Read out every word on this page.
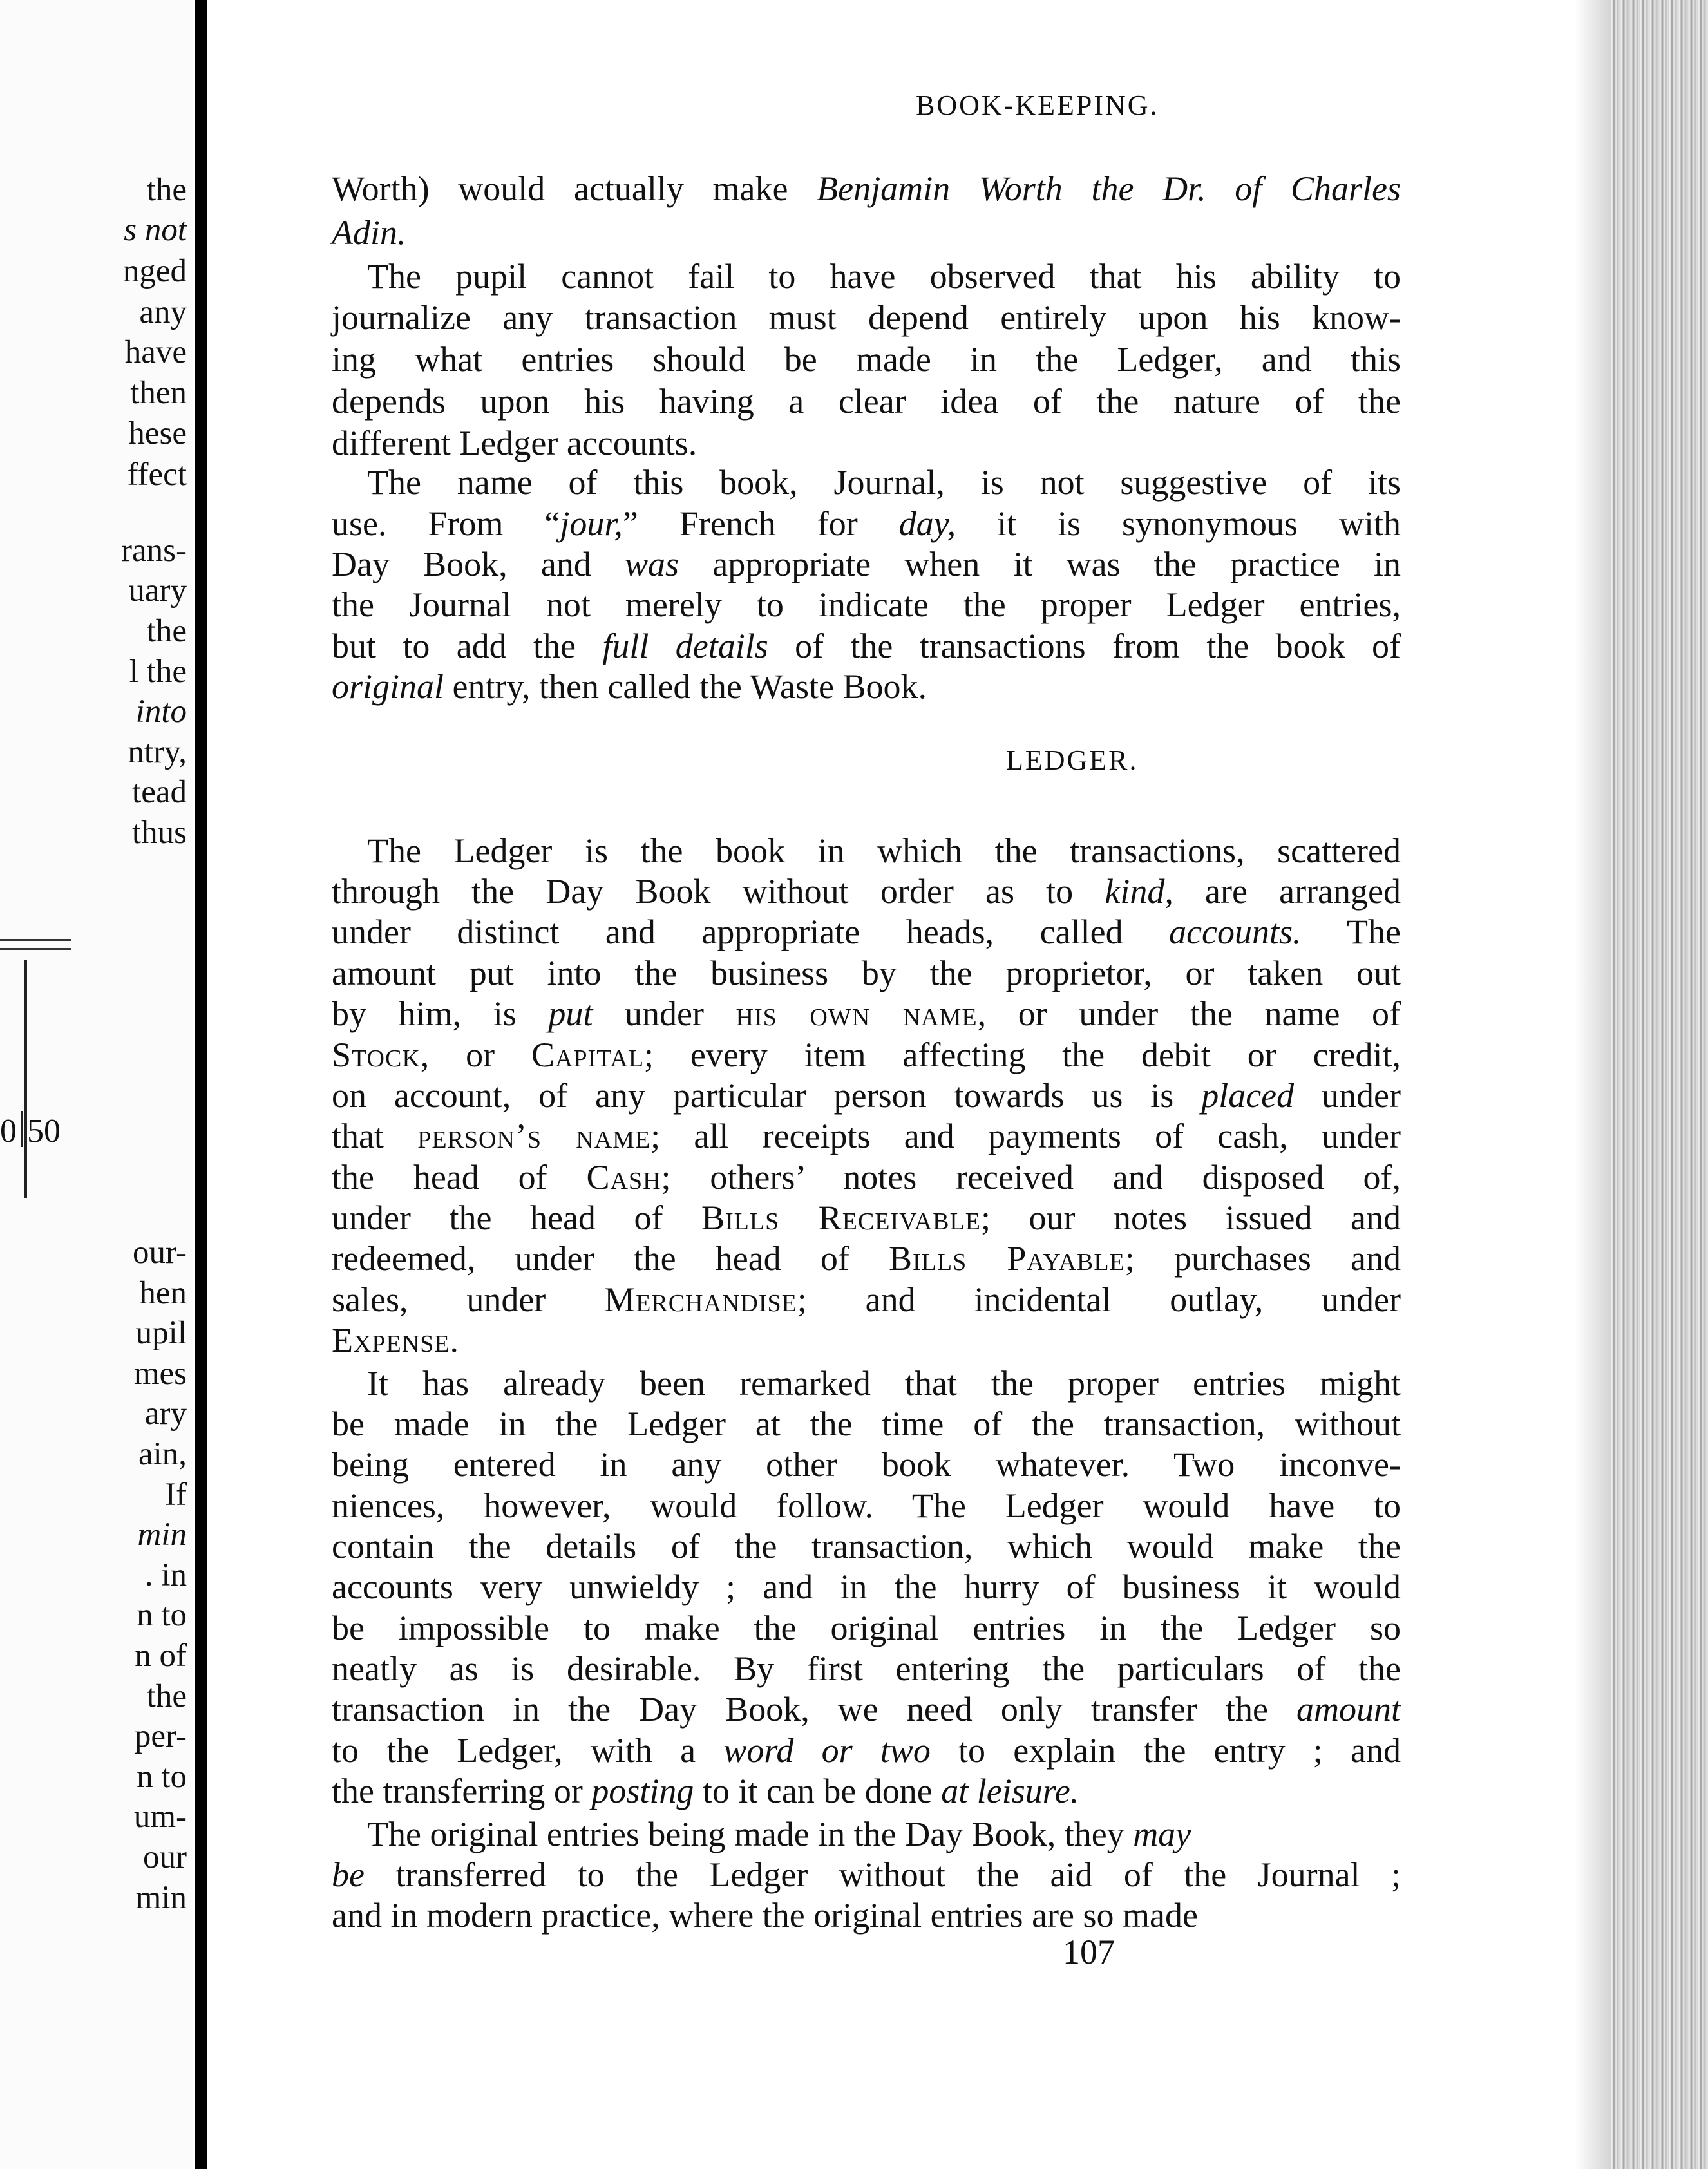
the
s not
nged
any
have
then
hese
ffect
rans-
uary
the
l the
into
ntry,
tead
thus
our-
hen
upil
mes
ary
ain,
If
min
. in
n to
n of
the
per-
n to
um-
our
min
0 50
BOOK-KEEPING.
Worth) would actually make Benjamin Worth the Dr. of Charles
Adin.
The pupil cannot fail to have observed that his ability to
journalize any transaction must depend entirely upon his know-
ing what entries should be made in the Ledger, and this
depends upon his having a clear idea of the nature of the
different Ledger accounts.
The name of this book, Journal, is not suggestive of its
use. From “jour,” French for day, it is synonymous with
Day Book, and was appropriate when it was the practice in
the Journal not merely to indicate the proper Ledger entries,
but to add the full details of the transactions from the book of
original entry, then called the Waste Book.
The Ledger is the book in which the transactions, scattered
through the Day Book without order as to kind, are arranged
under distinct and appropriate heads, called accounts. The
amount put into the business by the proprietor, or taken out
by him, is put under his own name, or under the name of
Stock, or Capital; every item affecting the debit or credit,
on account, of any particular person towards us is placed under
that person’s name; all receipts and payments of cash, under
the head of Cash; others’ notes received and disposed of,
under the head of Bills Receivable; our notes issued and
redeemed, under the head of Bills Payable; purchases and
sales, under Merchandise; and incidental outlay, under
Expense.
It has already been remarked that the proper entries might
be made in the Ledger at the time of the transaction, without
being entered in any other book whatever. Two inconve-
niences, however, would follow. The Ledger would have to
contain the details of the transaction, which would make the
accounts very unwieldy ; and in the hurry of business it would
be impossible to make the original entries in the Ledger so
neatly as is desirable. By first entering the particulars of the
transaction in the Day Book, we need only transfer the amount
to the Ledger, with a word or two to explain the entry ; and
the transferring or posting to it can be done at leisure.
The original entries being made in the Day Book, they may
be transferred to the Ledger without the aid of the Journal ;
and in modern practice, where the original entries are so made
LEDGER.
107
